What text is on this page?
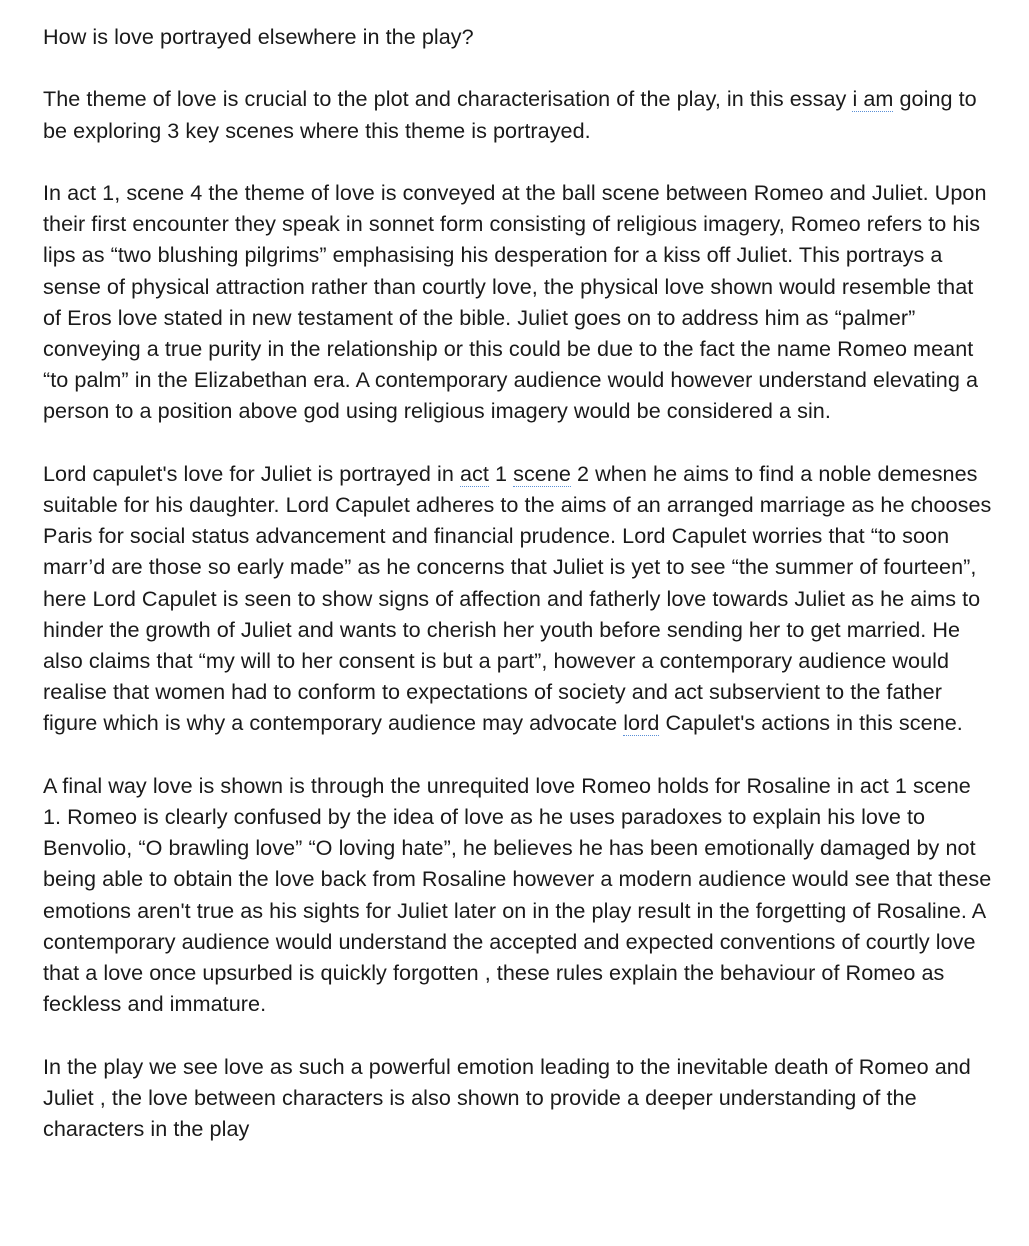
How is love portrayed elsewhere in the play?

The theme of love is crucial to the plot and characterisation of the play, in this essay i am going to be exploring 3 key scenes where this theme is portrayed.

In act 1, scene 4 the theme of love is conveyed at the ball scene between Romeo and Juliet. Upon their first encounter they speak in sonnet form consisting of religious imagery, Romeo refers to his lips as “two blushing pilgrims” emphasising his desperation for a kiss off Juliet. This portrays a sense of physical attraction rather than courtly love, the physical love shown would resemble that of Eros love stated in new testament of the bible. Juliet goes on to address him as “palmer” conveying a true purity in the relationship or this could be due to the fact the name Romeo meant “to palm” in the Elizabethan era. A contemporary audience would however understand elevating a person to a position above god using religious imagery would be considered a sin.

Lord capulet's love for Juliet is portrayed in act 1 scene 2 when he aims to find a noble demesnes suitable for his daughter. Lord Capulet adheres to the aims of an arranged marriage as he chooses Paris for social status advancement and financial prudence. Lord Capulet worries that “to soon marr’d are those so early made” as he concerns that Juliet is yet to see “the summer of fourteen”, here Lord Capulet is seen to show signs of affection and fatherly love towards Juliet as he aims to hinder the growth of Juliet and wants to cherish her youth before sending her to get married. He also claims that “my will to her consent is but a part”, however a contemporary audience would realise that women had to conform to expectations of society and act subservient to the father figure which is why a contemporary audience may advocate lord Capulet's actions in this scene.

A final way love is shown is through the unrequited love Romeo holds for Rosaline in act 1 scene 1. Romeo is clearly confused by the idea of love as he uses paradoxes to explain his love to Benvolio, “O brawling love” “O loving hate”, he believes he has been emotionally damaged by not being able to obtain the love back from Rosaline however a modern audience would see that these emotions aren't true as his sights for Juliet later on in the play result in the forgetting of Rosaline. A contemporary audience would understand the accepted and expected conventions of courtly love that a love once upsurbed is quickly forgotten , these rules explain the behaviour of Romeo as feckless and immature.

In the play we see love as such a powerful emotion leading to the inevitable death of Romeo and Juliet , the love between characters is also shown to provide a deeper understanding of the characters in the play
